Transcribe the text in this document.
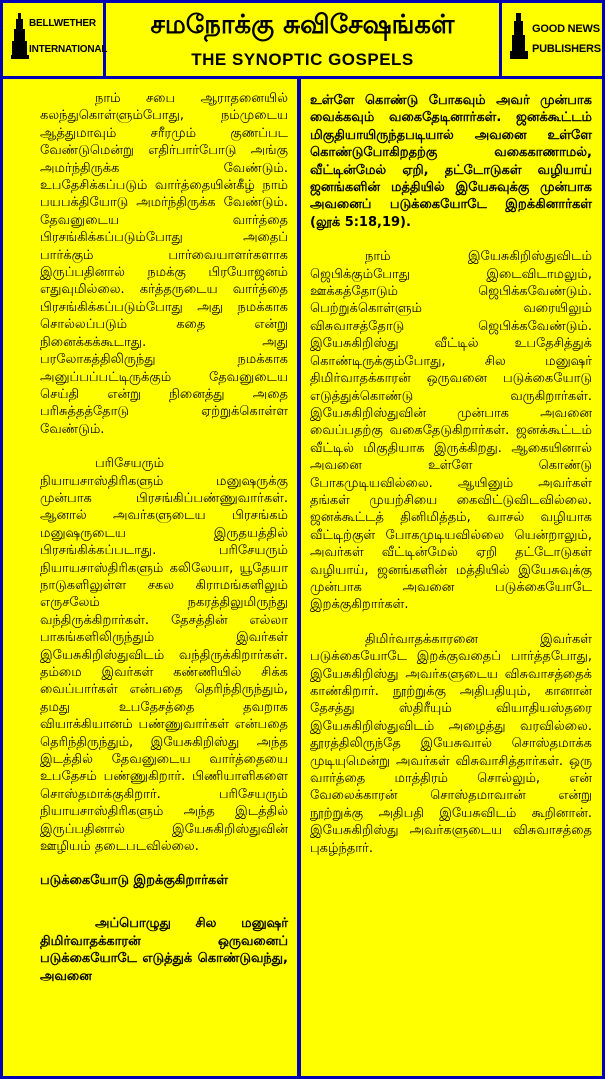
BELLWETHER
INTERNATIONAL
சமநோக்கு சுவிசேஷங்கள்
THE SYNOPTIC GOSPELS
GOOD NEWS
PUBLISHERS

நாம் சபை ஆராதனையில் கலந்துகொள்ளும்போது, நம்முடைய ஆத்துமாவும் சரீரமும் குணப்பட வேண்டுமென்று எதிர்பார்போடு அங்கு அமர்ந்திருக்க வேண்டும். உபதேசிக்கப்படும் வார்த்தையின்கீழ் நாம் பயபக்தியோடு அமர்ந்திருக்க வேண்டும். தேவனுடைய வார்த்தை பிரசங்கிக்கப்படும்போது அதைப் பார்க்கும் பார்வையாளர்களாக இருப்பதினால் நமக்கு பிரயோஜனம் எதுவுமில்லை. கர்த்தருடைய வார்த்தை பிரசங்கிக்கப்படும்போது அது நமக்காக சொல்லப்படும் கதை என்று நினைக்கக்கூடாது. அது பரலோகத்திலிருந்து நமக்காக அனுப்பப்பட்டிருக்கும் தேவனுடைய செய்தி என்று நினைத்து அதை பரிசுத்தத்தோடு ஏற்றுக்கொள்ள வேண்டும்.

பரிசேயரும் நியாயசாஸ்திரிகளும் மனுஷருக்கு முன்பாக பிரசங்கிப்பண்ணுவார்கள். ஆனால் அவர்களுடைய பிரசங்கம் மனுஷருடைய இருதயத்தில் பிரசங்கிக்கப்படாது. பரிசேயரும் நியாயசாஸ்திரிகளும் கலிலேயா, யூதேயா நாடுகளிலுள்ள சகல கிராமங்களிலும் எருசலேம் நகரத்திலுமிருந்து வந்திருக்கிறார்கள். தேசத்தின் எல்லா பாகங்களிலிருந்தும் இவர்கள் இயேசுகிறிஸ்துவிடம் வந்திருக்கிறார்கள். தம்மை இவர்கள் கண்ணியில் சிக்க வைப்பார்கள் என்பதை தெரிந்திருந்தும், தமது உபதேசத்தை தவறாக வியாக்கியானம் பண்ணுவார்கள் என்பதை தெரிந்திருந்தும், இயேசுகிறிஸ்து அந்த இடத்தில் தேவனுடைய வார்த்தையை உபதேசம் பண்ணுகிறார். பிணியாளிகளை சொஸ்தமாக்குகிறார். பரிசேயரும் நியாயசாஸ்திரிகளும் அந்த இடத்தில் இருப்பதினால் இயேசுகிறிஸ்துவின் ஊழியம் தடைபடவில்லை.

படுக்கையோடு இறக்குகிறார்கள்

அப்பொழுது சில மனுஷர் திமிர்வாதக்காரன் ஒருவனைப் படுக்கையோடே எடுத்துக் கொண்டுவந்து, அவனை

உள்ளே கொண்டு போகவும் அவர் முன்பாக வைக்கவும் வகைதேடினார்கள். ஜனக்கூட்டம் மிகுதியாயிருந்தபடியால் அவனை உள்ளே கொண்டுபோகிறதற்கு வகைகாணாமல், வீட்டின்மேல் ஏறி, தட்டோடுகள் வழியாய் ஜனங்களின் மத்தியில் இயேசுவுக்கு முன்பாக அவனைப் படுக்கையோடே இறக்கினார்கள் (லூக் 5:18,19).

நாம் இயேசுகிறிஸ்துவிடம் ஜெபிக்கும்போது இடைவிடாமலும், ஊக்கத்தோடும் ஜெபிக்கவேண்டும். பெற்றுக்கொள்ளும் வரையிலும் விசுவாசத்தோடு ஜெபிக்கவேண்டும். இயேசுகிறிஸ்து வீட்டில் உபதேசித்துக் கொண்டிருக்கும்போது, சில மனுஷர் திமிர்வாதக்காரன் ஒருவனை படுக்கையோடு எடுத்துக்கொண்டு வருகிறார்கள். இயேசுகிறிஸ்துவின் முன்பாக அவனை வைப்பதற்கு வகைதேடுகிறார்கள். ஜனக்கூட்டம் வீட்டில் மிகுதியாக இருக்கிறது. ஆகையினால் அவனை உள்ளே கொண்டு போகமுடியவில்லை. ஆயினும் அவர்கள் தங்கள் முயற்சியை கைவிட்டுவிடவில்லை. ஜனக்கூட்டத் தினிமித்தம், வாசல் வழியாக வீட்டிற்குள் போகமுடியவில்லை யென்றாலும், அவர்கள் வீட்டின்மேல் ஏறி தட்டோடுகள் வழியாய், ஜனங்களின் மத்தியில் இயேசுவுக்கு முன்பாக அவனை படுக்கையோடே இறக்குகிறார்கள்.

திமிர்வாதக்காரனை இவர்கள் படுக்கையோடே இறக்குவதைப் பார்த்தபோது, இயேசுகிறிஸ்து அவர்களுடைய விசுவாசத்தைக் காண்கிறார். நூற்றுக்கு அதிபதியும், கானான் தேசத்து ஸ்திரீயும் வியாதியஸ்தரை இயேசுகிறிஸ்துவிடம் அழைத்து வரவில்லை. தூரத்திலிருந்தே இயேசுவால் சொஸ்தமாக்க முடியுமென்று அவர்கள் விசுவாசித்தார்கள். ஒரு வார்த்தை மாத்திரம் சொல்லும், என் வேலைக்காரன் சொஸ்தமாவான் என்று நூற்றுக்கு அதிபதி இயேசுவிடம் கூறினான். இயேசுகிறிஸ்து அவர்களுடைய விசுவாசத்தை புகழ்ந்தார்.
